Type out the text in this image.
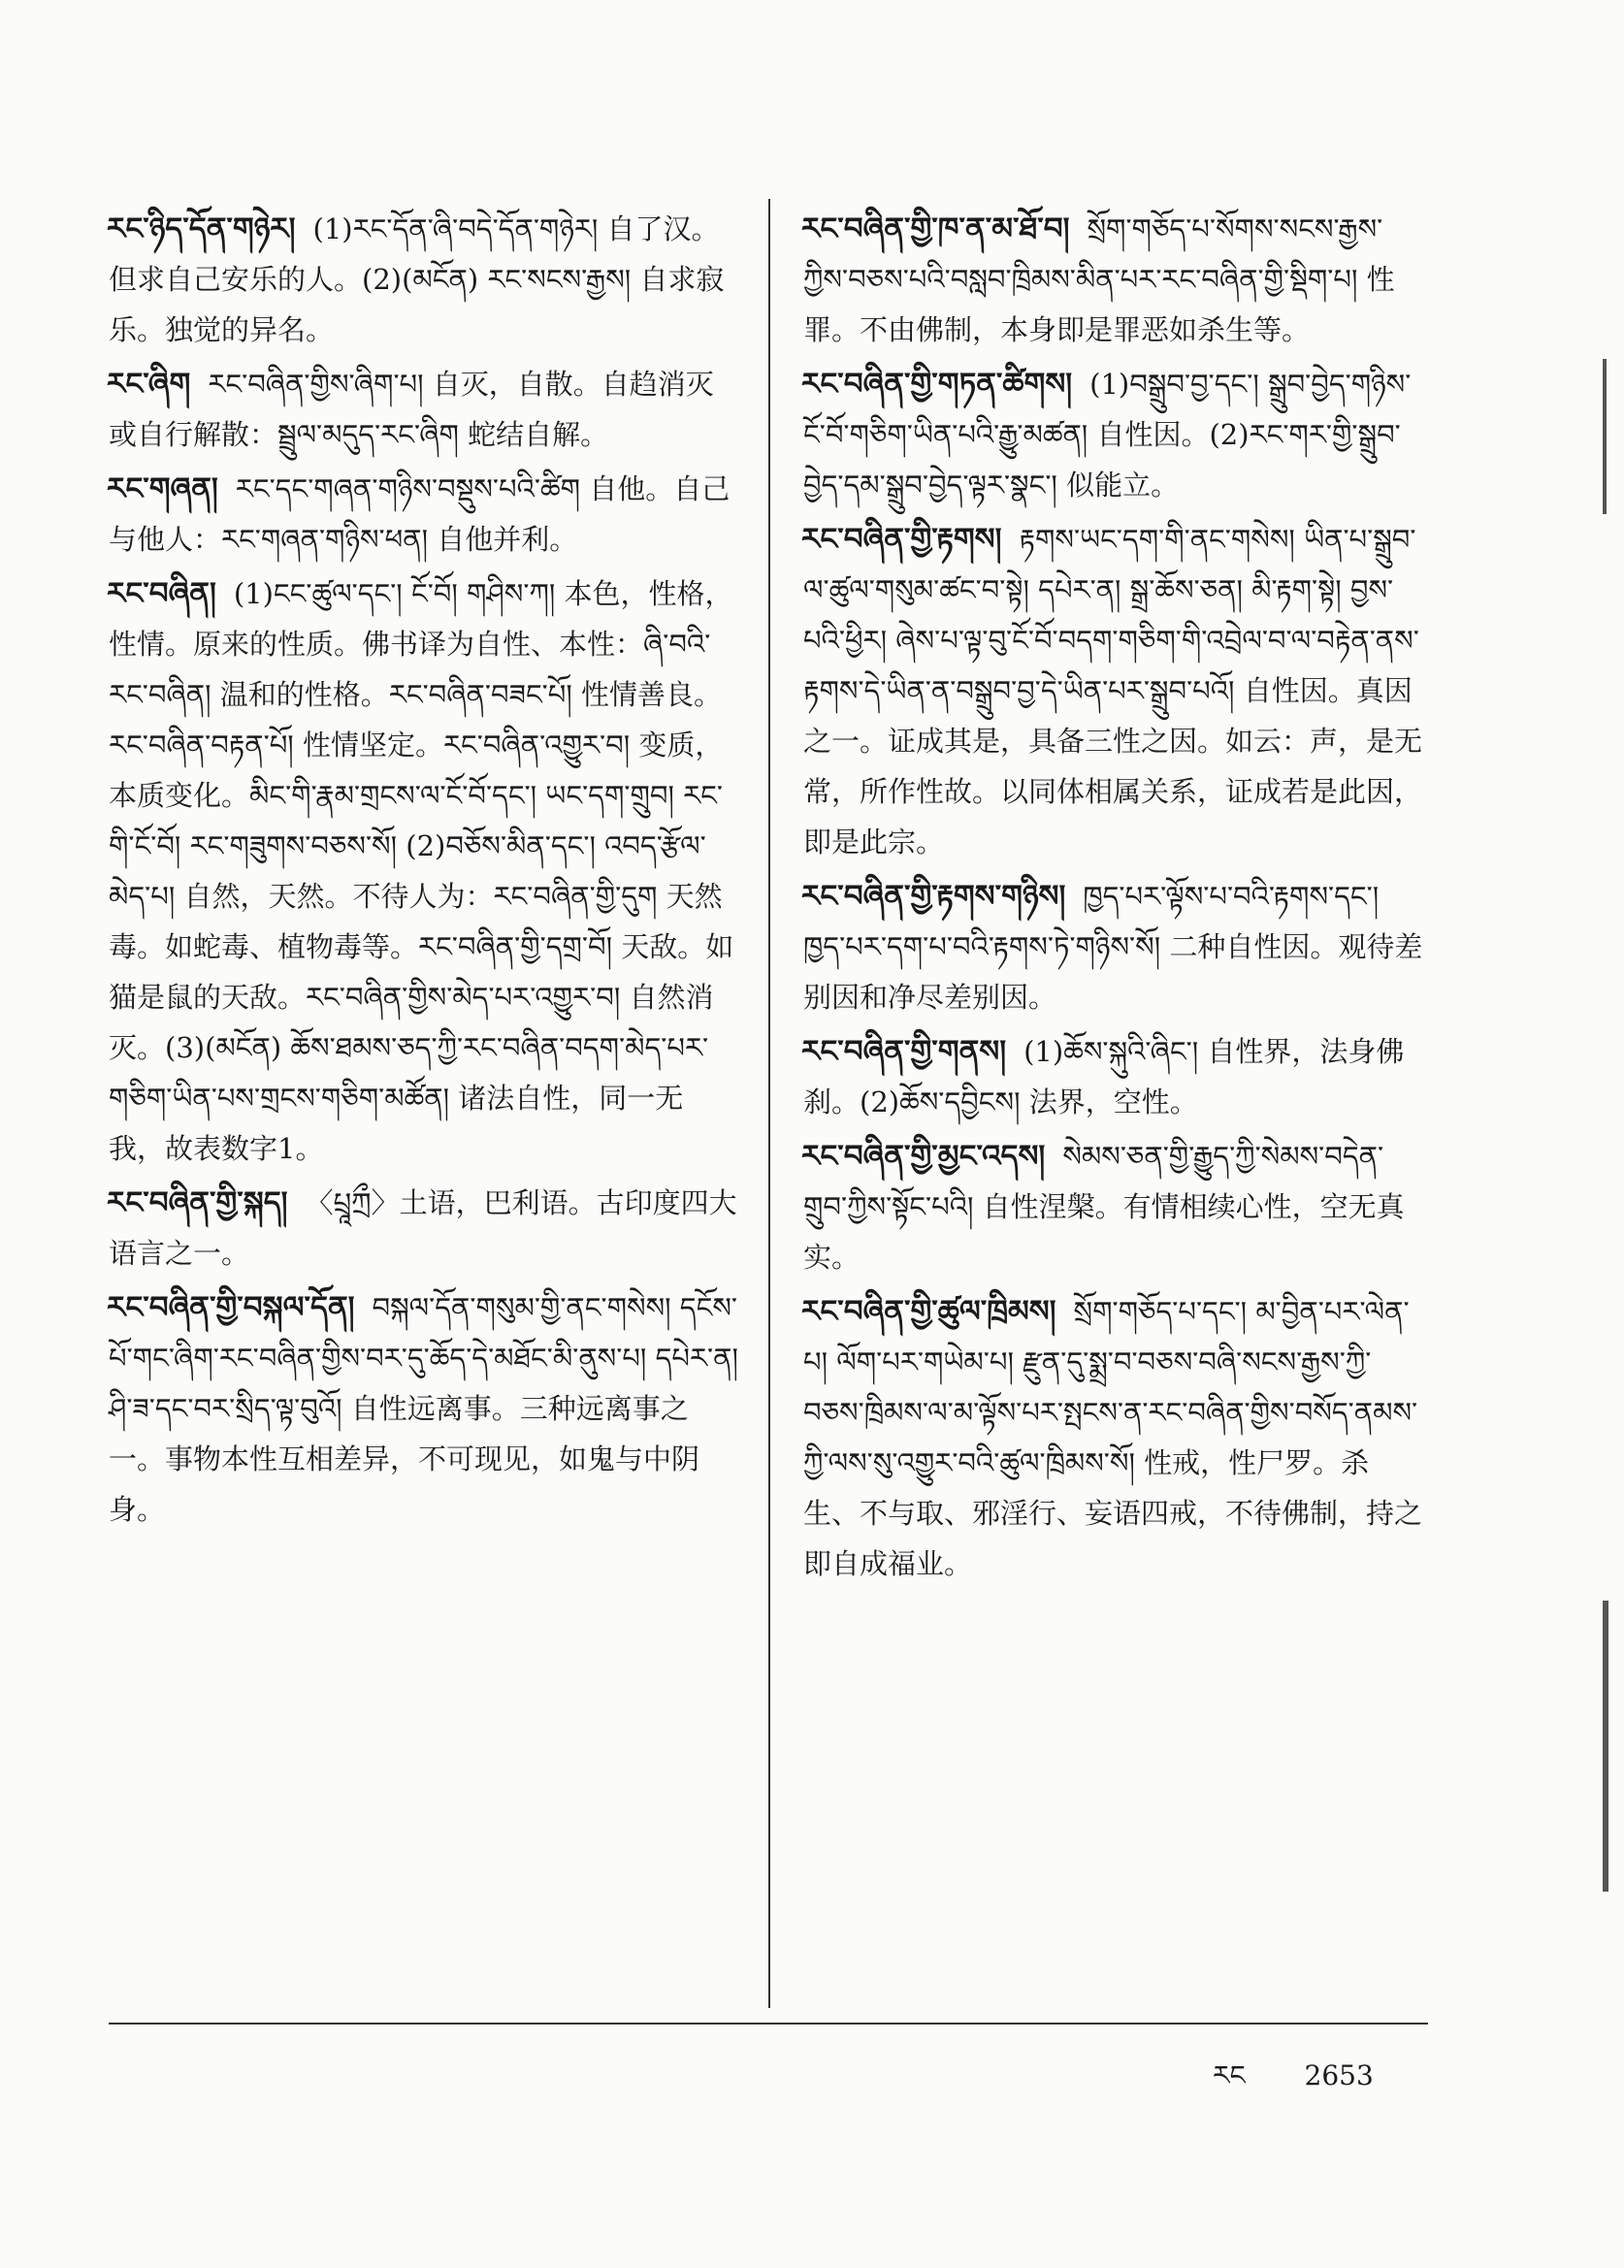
རང་ཉིད་དོན་གཉེར། (1)རང་དོན་ཞི་བདེ་དོན་གཉེར། 自了汉。但求自己安乐的人。(2)(མངོན) རང་སངས་རྒྱས། 自求寂乐。独觉的异名。

རང་ཞིག རང་བཞིན་གྱིས་ཞིག་པ། 自灭，自散。自趋消灭或自行解散：སྦྲུལ་མདུད་རང་ཞིག 蛇结自解。

རང་གཞན། རང་དང་གཞན་གཉིས་བསྡུས་པའི་ཚིག 自他。自己与他人：རང་གཞན་གཉིས་ཕན། 自他并利。

རང་བཞིན། (1)ངང་ཚུལ་དང་། ངོ་བོ། གཤིས་ཀ། 本色，性格，性情。原来的性质。佛书译为自性、本性：ཞི་བའི་རང་བཞིན། 温和的性格。རང་བཞིན་བཟང་པོ། 性情善良。རང་བཞིན་བརྟན་པོ། 性情坚定。རང་བཞིན་འགྱུར་བ། 变质，本质变化。མིང་གི་རྣམ་གྲངས་ལ་ངོ་བོ་དང་། ཡང་དག་གྲུབ། རང་གི་ངོ་བོ། རང་གཟུགས་བཅས་སོ། (2)བཅོས་མིན་དང་། འབད་རྩོལ་མེད་པ། 自然，天然。不待人为：རང་བཞིན་གྱི་དུག 天然毒。如蛇毒、植物毒等。རང་བཞིན་གྱི་དགྲ་བོ། 天敌。如猫是鼠的天敌。རང་བཞིན་གྱིས་མེད་པར་འགྱུར་བ། 自然消灭。(3)(མངོན) ཆོས་ཐམས་ཅད་ཀྱི་རང་བཞིན་བདག་མེད་པར་གཅིག་ཡིན་པས་གྲངས་གཅིག་མཚོན། 诸法自性，同一无我，故表数字1。

རང་བཞིན་གྱི་སྐད། 〈པྲཱཀྲྀ〉土语，巴利语。古印度四大语言之一。

རང་བཞིན་གྱི་བསྐལ་དོན། བསྐལ་དོན་གསུམ་གྱི་ནང་གསེས། དངོས་པོ་གང་ཞིག་རང་བཞིན་གྱིས་བར་དུ་ཆོད་དེ་མཐོང་མི་ནུས་པ། དཔེར་ན། ཤི་ཟ་དང་བར་སྲིད་ལྟ་བུའོ། 自性远离事。三种远离事之一。事物本性互相差异，不可现见，如鬼与中阴身。

རང་བཞིན་གྱི་ཁ་ན་མ་ཐོ་བ། སྲོག་གཅོད་པ་སོགས་སངས་རྒྱས་ཀྱིས་བཅས་པའི་བསླབ་ཁྲིམས་མིན་པར་རང་བཞིན་གྱི་སྡིག་པ། 性罪。不由佛制，本身即是罪恶如杀生等。

རང་བཞིན་གྱི་གཏན་ཚིགས། (1)བསྒྲུབ་བྱ་དང་། སྒྲུབ་བྱེད་གཉིས་ངོ་བོ་གཅིག་ཡིན་པའི་རྒྱུ་མཚན། 自性因。(2)རང་གར་གྱི་སྒྲུབ་བྱེད་དམ་སྒྲུབ་བྱེད་ལྟར་སྣང་། 似能立。

རང་བཞིན་གྱི་རྟགས། རྟགས་ཡང་དག་གི་ནང་གསེས། ཡིན་པ་སྒྲུབ་ལ་ཚུལ་གསུམ་ཚང་བ་སྟེ། དཔེར་ན། སྒྲ་ཆོས་ཅན། མི་རྟག་སྟེ། བྱས་པའི་ཕྱིར། ཞེས་པ་ལྟ་བུ་ངོ་བོ་བདག་གཅིག་གི་འབྲེལ་བ་ལ་བརྟེན་ནས་རྟགས་དེ་ཡིན་ན་བསྒྲུབ་བྱ་དེ་ཡིན་པར་སྒྲུབ་པའོ། 自性因。真因之一。证成其是，具备三性之因。如云：声，是无常，所作性故。以同体相属关系，证成若是此因，即是此宗。

རང་བཞིན་གྱི་རྟགས་གཉིས། ཁྱད་པར་ལྟོས་པ་བའི་རྟགས་དང་། ཁྱད་པར་དག་པ་བའི་རྟགས་ཏེ་གཉིས་སོ། 二种自性因。观待差别因和净尽差别因。

རང་བཞིན་གྱི་གནས། (1)ཆོས་སྐུའི་ཞིང་། 自性界，法身佛刹。(2)ཆོས་དབྱིངས། 法界，空性。

རང་བཞིན་གྱི་མྱང་འདས། སེམས་ཅན་གྱི་རྒྱུད་ཀྱི་སེམས་བདེན་གྲུབ་ཀྱིས་སྟོང་པའི། 自性涅槃。有情相续心性，空无真实。

རང་བཞིན་གྱི་ཚུལ་ཁྲིམས། སྲོག་གཅོད་པ་དང་། མ་བྱིན་པར་ལེན་པ། ལོག་པར་གཡེམ་པ། རྫུན་དུ་སྨྲ་བ་བཅས་བཞི་སངས་རྒྱས་ཀྱི་བཅས་ཁྲིམས་ལ་མ་ལྟོས་པར་སྤངས་ན་རང་བཞིན་གྱིས་བསོད་ནམས་ཀྱི་ལས་སུ་འགྱུར་བའི་ཚུལ་ཁྲིམས་སོ། 性戒，性尸罗。杀生、不与取、邪淫行、妄语四戒，不待佛制，持之即自成福业。

རང 2653
